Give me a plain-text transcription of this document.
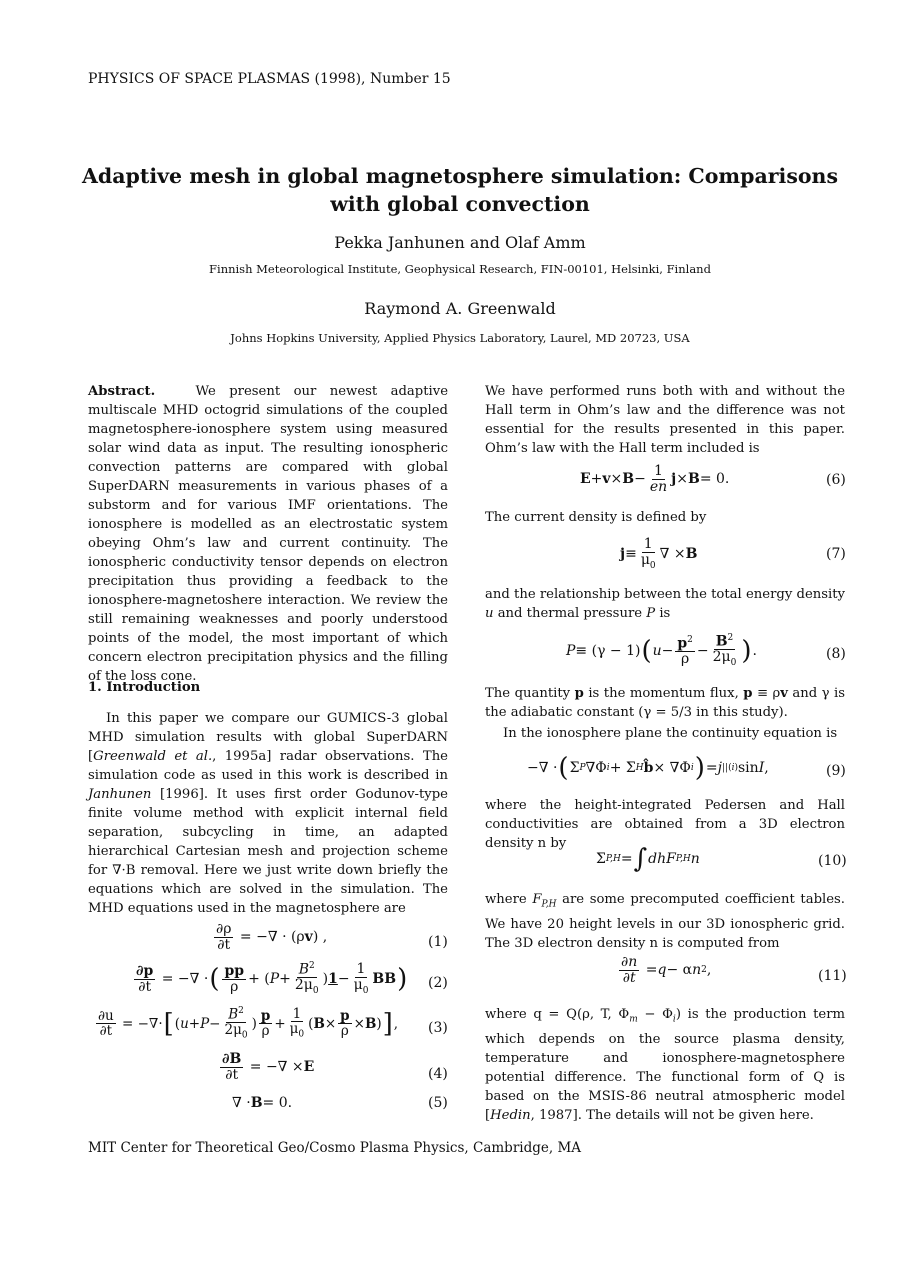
PHYSICS OF SPACE PLASMAS (1998), Number 15
Adaptive mesh in global magnetosphere simulation: Comparisons
with global convection
Pekka Janhunen and Olaf Amm
Finnish Meteorological Institute, Geophysical Research, FIN-00101, Helsinki, Finland
Raymond A. Greenwald
Johns Hopkins University, Applied Physics Laboratory, Laurel, MD 20723, USA

Abstract.	We present our newest adaptive multiscale MHD octogrid simulations of the coupled magnetosphere-ionosphere system using measured solar wind data as input. The resulting ionospheric convection patterns are compared with global SuperDARN measurements in various phases of a substorm and for various IMF orientations. The ionosphere is modelled as an electrostatic system obeying Ohm’s law and current continuity. The ionospheric conductivity tensor depends on electron precipitation thus providing a feedback to the ionosphere-magnetoshere interaction. We review the still remaining weaknesses and poorly understood points of the model, the most important of which concern electron precipitation physics and the filling of the loss cone.

1. Introduction

In this paper we compare our GUMICS-3 global MHD simulation results with global SuperDARN [Greenwald et al., 1995a] radar observations. The simulation code as used in this work is described in Janhunen [1996]. It uses first order Godunov-type finite volume method with explicit internal field separation, subcycling in time, an adapted hierarchical Cartesian mesh and projection scheme for ∇·B removal. Here we just write down briefly the equations which are solved in the simulation. The MHD equations used in the magnetosphere are

$\frac{\partial\rho}{\partial t}$ = −∇ · (ρ v ) ,	(1)
$\frac{\partial p}{\partial t}$ = −∇ · ( $\frac{pp}{\rho}$ + ( $P + \frac{B^2}{2\mu_0}$ ) $1 - \frac{1}{\mu_0}$ BB ) (2)
$\frac{\partial u}{\partial t}$ = −∇· [ ( $u + P - \frac{B^2}{2\mu_0}$ ) $\frac{p}{\rho} + \frac{1}{\mu_0}$ ( $B \times \frac{p}{\rho} \times B$ ) ] , (3)
$\frac{\partial B}{\partial t}$ = −∇ × E	(4)
∇ · B = 0.	(5)
We have performed runs both with and without the Hall term in Ohm’s law and the difference was not essential for the results presented in this paper. Ohm’s law with the Hall term included is
$E + v \times B - \frac{1}{en}$ j × B = 0.	(6)
The current density is defined by
$j \equiv \frac{1}{\mu_0}$ ∇ × B	(7)
and the relationship between the total energy density u and thermal pressure P is
P ≡ (γ − 1) ( $u - \frac{p^2}{\rho} - \frac{B^2}{2\mu_0}$ ) .	(8)
The quantity p is the momentum flux, p ≡ ρv and γ is the adiabatic constant (γ = 5/3 in this study).
In the ionosphere plane the continuity equation is
−∇ · ( Σ P ∇Φ i + Σ H b̂ × ∇Φ i ) = j || (i) sin I ,	(9)
where the height-integrated Pedersen and Hall conductivities are obtained from a 3D electron density n by
Σ P,H = ∫ dhF P,H n	(10)
where $F_{P,H}$ are some precomputed coefficient tables. We have 20 height levels in our 3D ionospheric grid. The 3D electron density n is computed from
$\frac{\partial n}{\partial t} = q - \alpha$ n 2 ,	(11)
where q = Q(ρ, T, $\Phi_m - \Phi_i$) is the production term which depends on the source plasma density, temperature and ionosphere-magnetosphere potential difference. The functional form of Q is based on the MSIS-86 neutral atmospheric model [Hedin, 1987]. The details will not be given here.
MIT Center for Theoretical Geo/Cosmo Plasma Physics, Cambridge, MA
